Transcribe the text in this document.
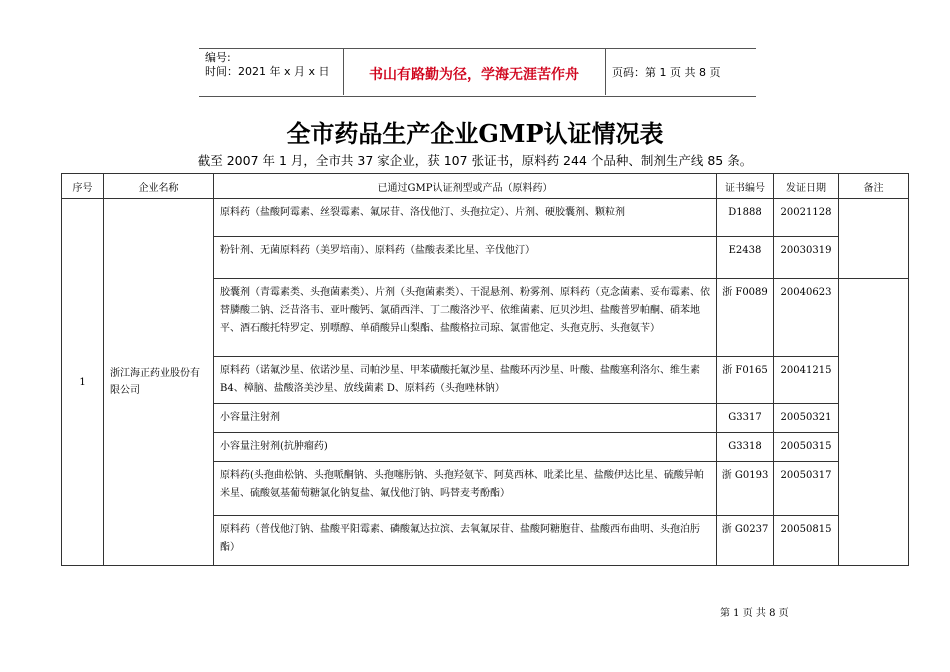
编号:
时间：2021 年 x 月 x 日	书山有路勤为径，学海无涯苦作舟	页码：第 1 页 共 8 页
全市药品生产企业GMP认证情况表
截至 2007 年 1 月，全市共 37 家企业，获 107 张证书，原料药 244 个品种、制剂生产线 85 条。
序号	企业名称	已通过GMP认证剂型或产品（原料药）	证书编号	发证日期	备注
1	浙江海正药业股份有限公司	原料药（盐酸阿霉素、丝裂霉素、氟尿苷、洛伐他汀、头孢拉定）、片剂、硬胶囊剂、颗粒剂	D1888	20021128	
		粉针剂、无菌原料药（美罗培南）、原料药（盐酸表柔比星、辛伐他汀）	E2438	20030319	
		胶囊剂（青霉素类、头孢菌素类）、片剂（头孢菌素类）、干混悬剂、粉雾剂、原料药（克念菌素、妥布霉素、依替膦酸二钠、泛昔洛韦、亚叶酸钙、氯硝西泮、丁二酸洛沙平、依维菌素、厄贝沙坦、盐酸普罗帕酮、硝苯地平、酒石酸托特罗定、别嘌醇、单硝酸异山梨酯、盐酸格拉司琼、氯雷他定、头孢克肟、头孢氨苄）	浙 F0089	20040623	
		原料药（诺氟沙星、依诺沙星、司帕沙星、甲苯磺酸托氟沙星、盐酸环丙沙星、叶酸、盐酸塞利洛尔、维生素 B4、樟脑、盐酸洛美沙星、放线菌素 D、原料药（头孢唑林钠）	浙 F0165	20041215	
		小容量注射剂	G3317	20050321	
		小容量注射剂(抗肿瘤药)	G3318	20050315	
		原料药(头孢曲松钠、头孢哌酮钠、头孢噻肟钠、头孢羟氨苄、阿莫西林、吡柔比星、盐酸伊达比星、硫酸异帕米星、硫酸氨基葡萄糖氯化钠复盐、氟伐他汀钠、吗替麦考酚酯）	浙 G0193	20050317	
		原料药（普伐他汀钠、盐酸平阳霉素、磷酸氟达拉滨、去氧氟尿苷、盐酸阿糖胞苷、盐酸西布曲明、头孢泊肟酯）	浙 G0237	20050815	
第 1 页 共 8 页
